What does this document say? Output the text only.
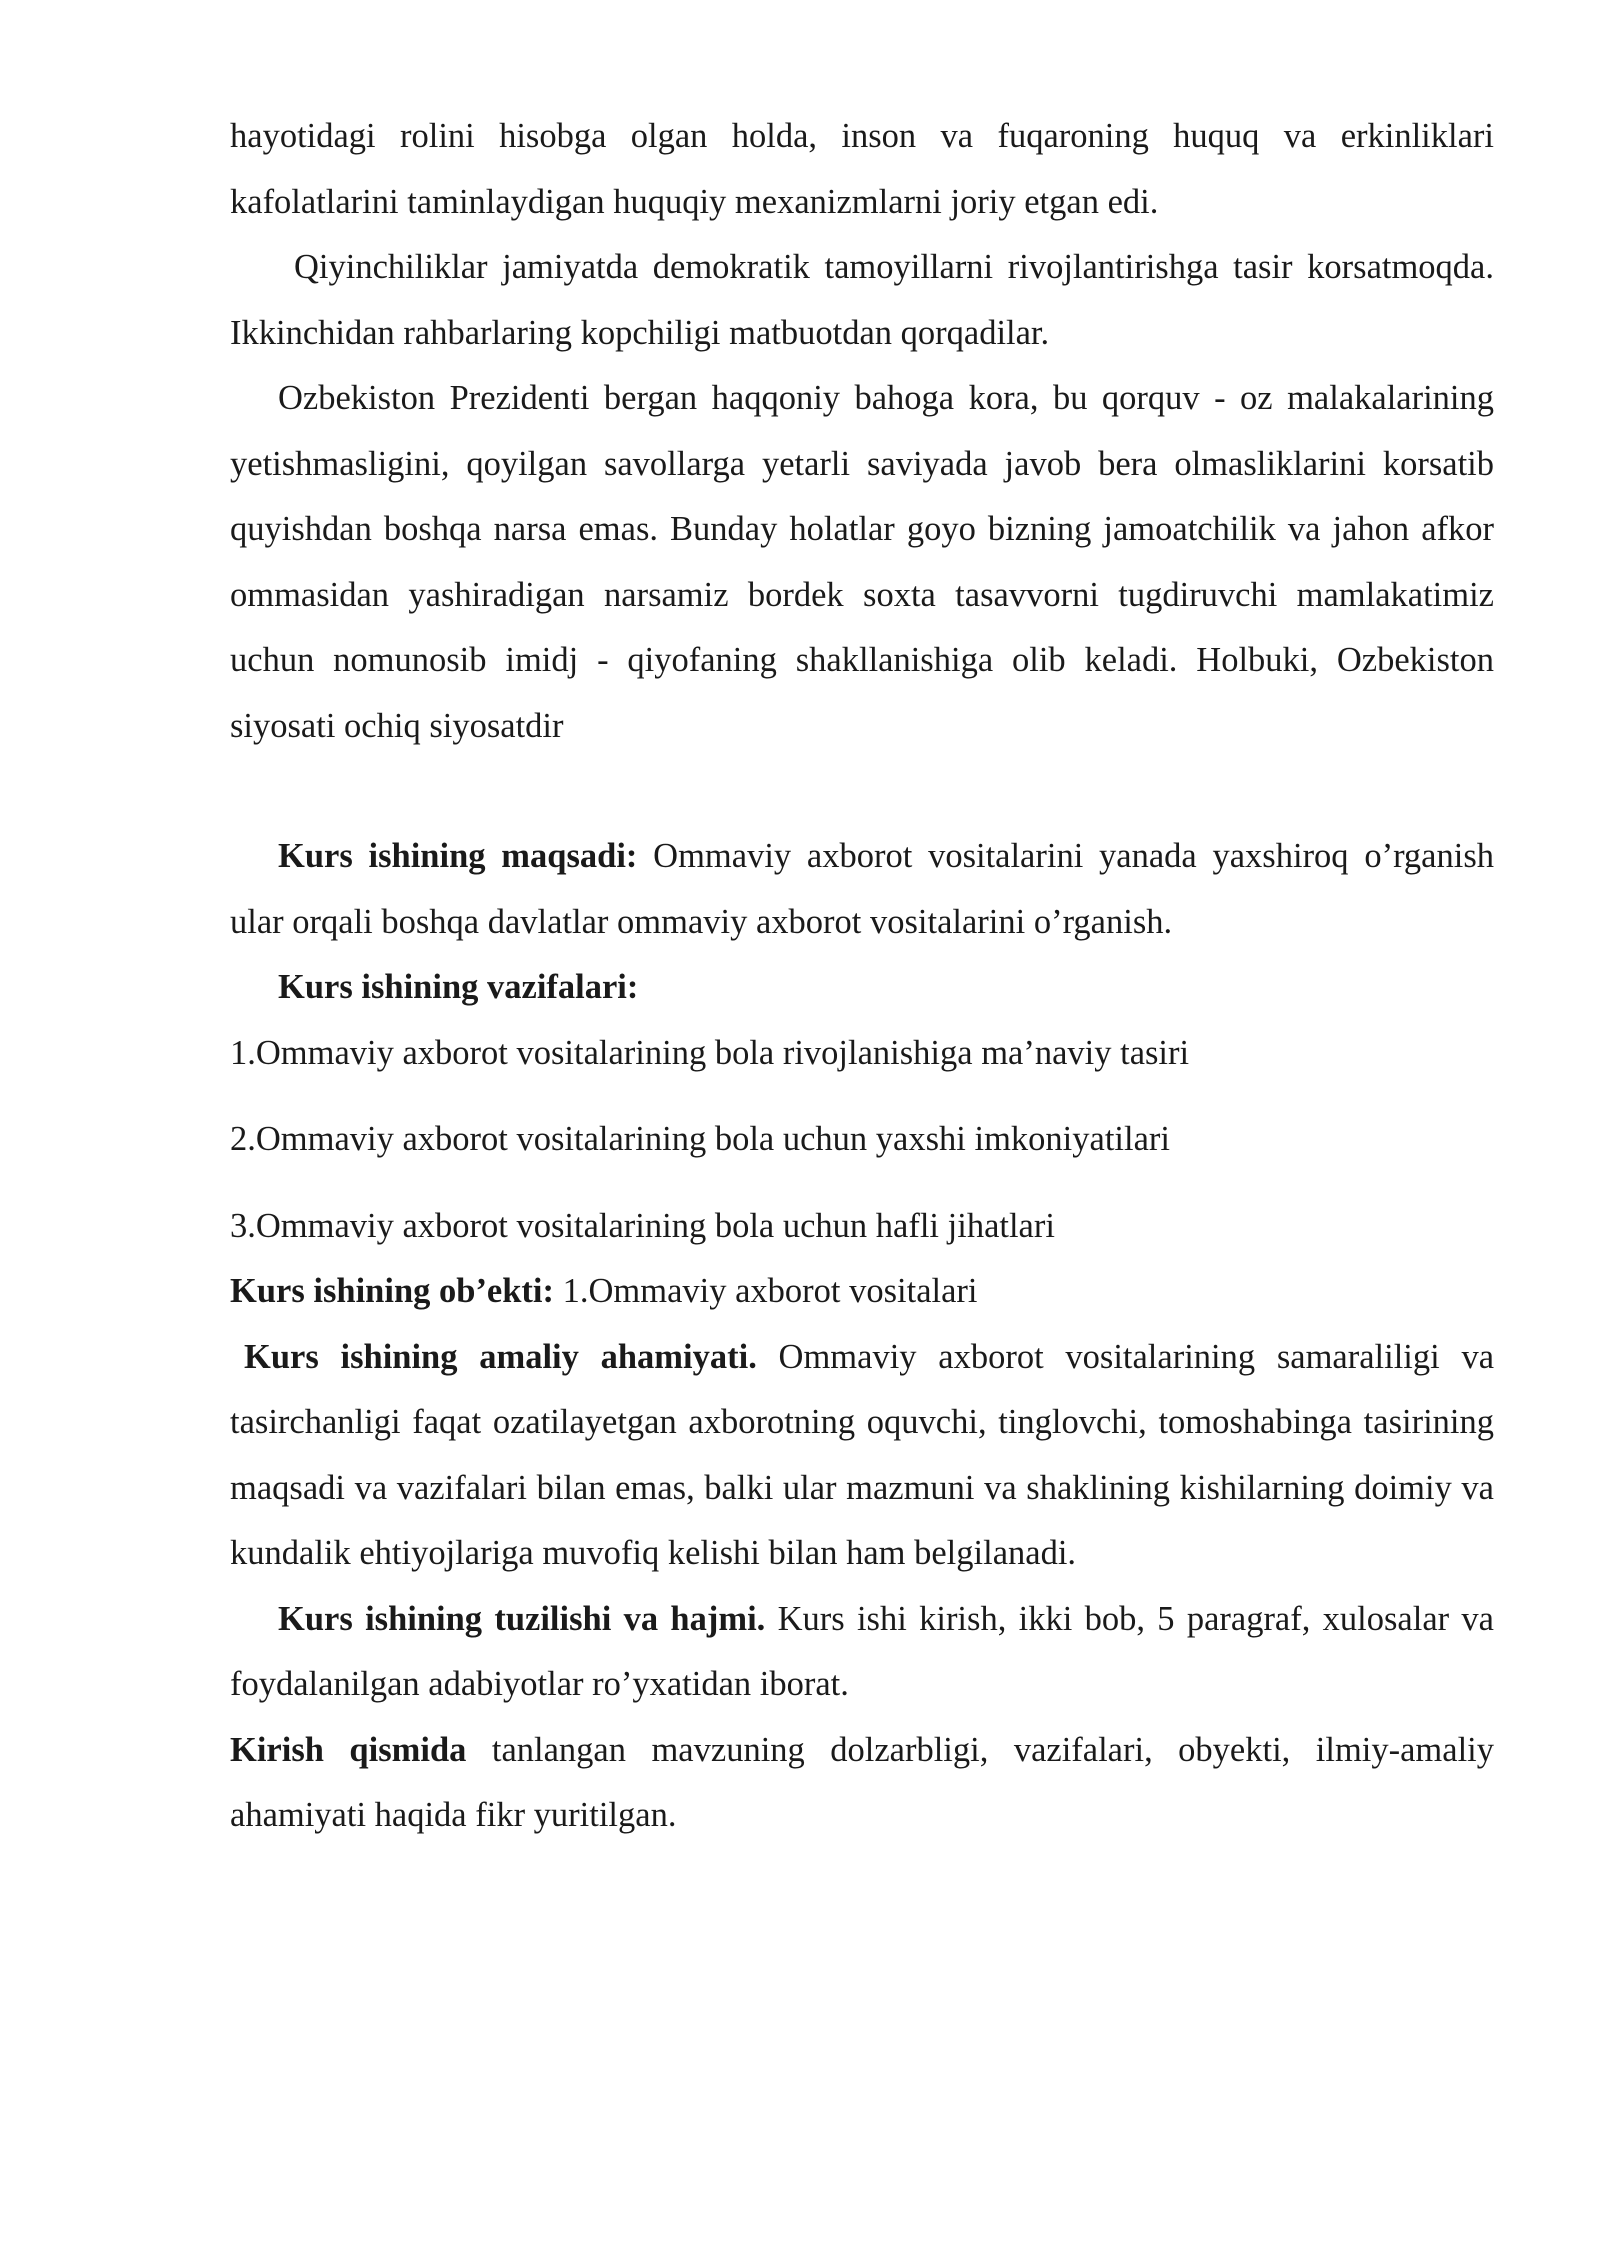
hayotidagi rolini hisobga olgan holda, inson va fuqaroning huquq va erkinliklari kafolatlarini taminlaydigan huquqiy mexanizmlarni joriy etgan edi.

Qiyinchiliklar jamiyatda demokratik tamoyillarni rivojlantirishga tasir korsatmoqda. Ikkinchidan rahbarlaring kopchiligi matbuotdan qorqadilar.

Ozbekiston Prezidenti bergan haqqoniy bahoga kora, bu qorquv - oz malakalarining yetishmasligini, qoyilgan savollarga yetarli saviyada javob bera olmasliklarini korsatib quyishdan boshqa narsa emas. Bunday holatlar goyo bizning jamoatchilik va jahon afkor ommasidan yashiradigan narsamiz bordek soxta tasavvorni tugdiruvchi mamlakatimiz uchun nomunosib imidj - qiyofaning shakllanishiga olib keladi. Holbuki, Ozbekiston siyosati ochiq siyosatdir

Kurs ishining maqsadi: Ommaviy axborot vositalarini yanada yaxshiroq o’rganish ular orqali boshqa davlatlar ommaviy axborot vositalarini o’rganish.

Kurs ishining vazifalari:

1.Ommaviy axborot vositalarining bola rivojlanishiga ma’naviy tasiri

2.Ommaviy axborot vositalarining bola uchun yaxshi imkoniyatilari

3.Ommaviy axborot vositalarining bola uchun hafli jihatlari

Kurs ishining ob’ekti: 1.Ommaviy axborot vositalari

Kurs ishining amaliy ahamiyati. Ommaviy axborot vositalarining samaraliligi va tasirchanligi faqat ozatilayetgan axborotning oquvchi, tinglovchi, tomoshabinga tasirining maqsadi va vazifalari bilan emas, balki ular mazmuni va shaklining kishilarning doimiy va kundalik ehtiyojlariga muvofiq kelishi bilan ham belgilanadi.

Kurs ishining tuzilishi va hajmi. Kurs ishi kirish, ikki bob, 5 paragraf, xulosalar va foydalanilgan adabiyotlar ro’yxatidan iborat.

Kirish qismida tanlangan mavzuning dolzarbligi, vazifalari, obyekti, ilmiy-amaliy ahamiyati haqida fikr yuritilgan.
